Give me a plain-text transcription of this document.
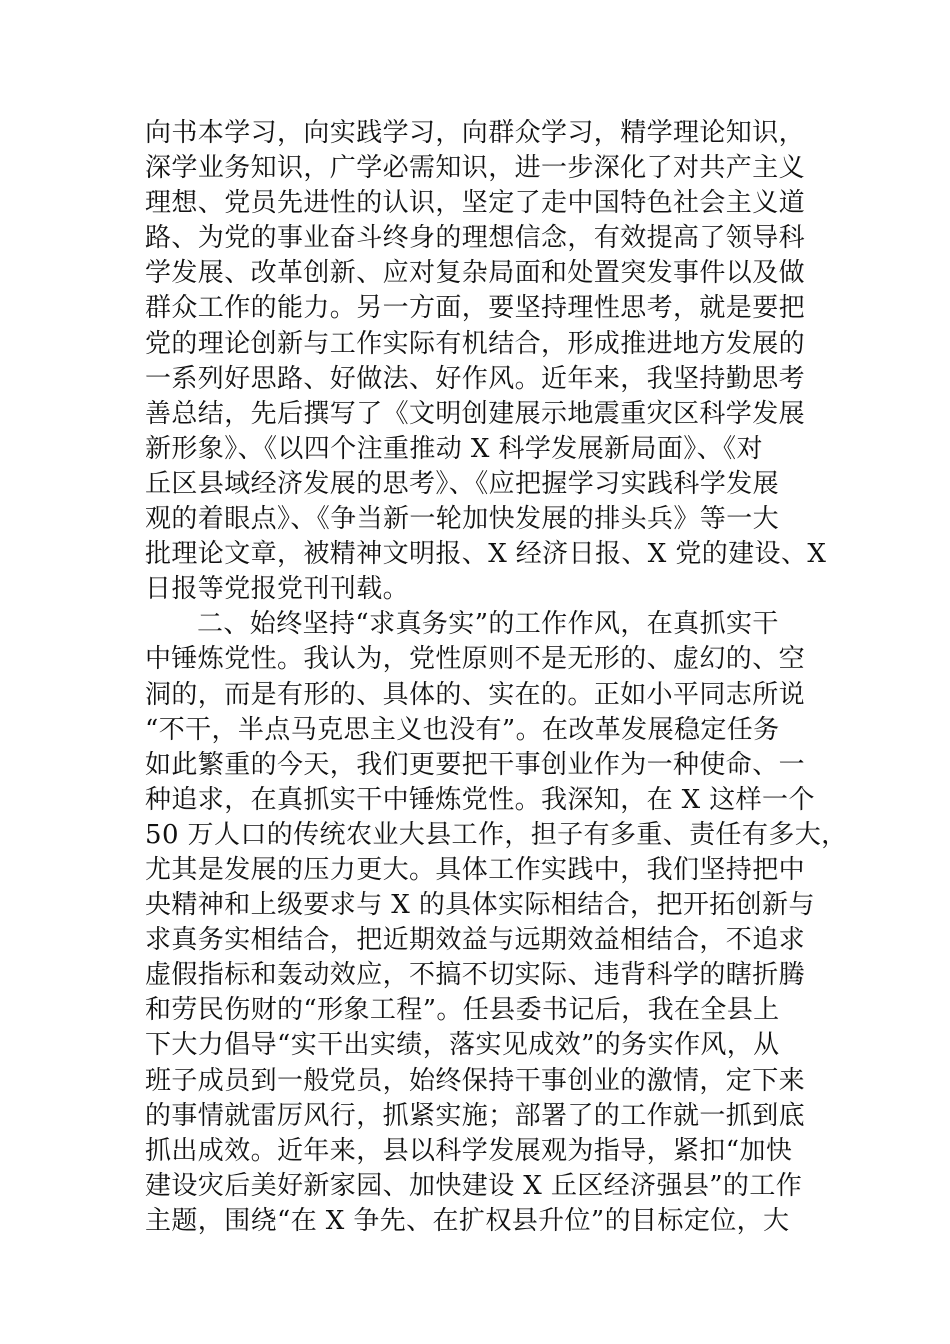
向书本学习，向实践学习，向群众学习，精学理论知识，
深学业务知识，广学必需知识，进一步深化了对共产主义
理想、党员先进性的认识，坚定了走中国特色社会主义道
路、为党的事业奋斗终身的理想信念，有效提高了领导科
学发展、改革创新、应对复杂局面和处置突发事件以及做
群众工作的能力。另一方面，要坚持理性思考，就是要把
党的理论创新与工作实际有机结合，形成推进地方发展的
一系列好思路、好做法、好作风。近年来，我坚持勤思考
善总结，先后撰写了《文明创建展示地震重灾区科学发展
新形象》、《以四个注重推动 X 科学发展新局面》、《对
丘区县域经济发展的思考》、《应把握学习实践科学发展
观的着眼点》、《争当新一轮加快发展的排头兵》等一大
批理论文章，被精神文明报、X 经济日报、X 党的建设、X
日报等党报党刊刊载。
二、始终坚持“求真务实”的工作作风，在真抓实干
中锤炼党性。我认为，党性原则不是无形的、虚幻的、空
洞的，而是有形的、具体的、实在的。正如小平同志所说
“不干，半点马克思主义也没有”。在改革发展稳定任务
如此繁重的今天，我们更要把干事创业作为一种使命、一
种追求，在真抓实干中锤炼党性。我深知，在 X 这样一个
50 万人口的传统农业大县工作，担子有多重、责任有多大，
尤其是发展的压力更大。具体工作实践中，我们坚持把中
央精神和上级要求与 X 的具体实际相结合，把开拓创新与
求真务实相结合，把近期效益与远期效益相结合，不追求
虚假指标和轰动效应，不搞不切实际、违背科学的瞎折腾
和劳民伤财的“形象工程”。任县委书记后，我在全县上
下大力倡导“实干出实绩，落实见成效”的务实作风，从
班子成员到一般党员，始终保持干事创业的激情，定下来
的事情就雷厉风行，抓紧实施；部署了的工作就一抓到底
抓出成效。近年来，县以科学发展观为指导，紧扣“加快
建设灾后美好新家园、加快建设 X 丘区经济强县”的工作
主题，围绕“在 X 争先、在扩权县升位”的目标定位，大
